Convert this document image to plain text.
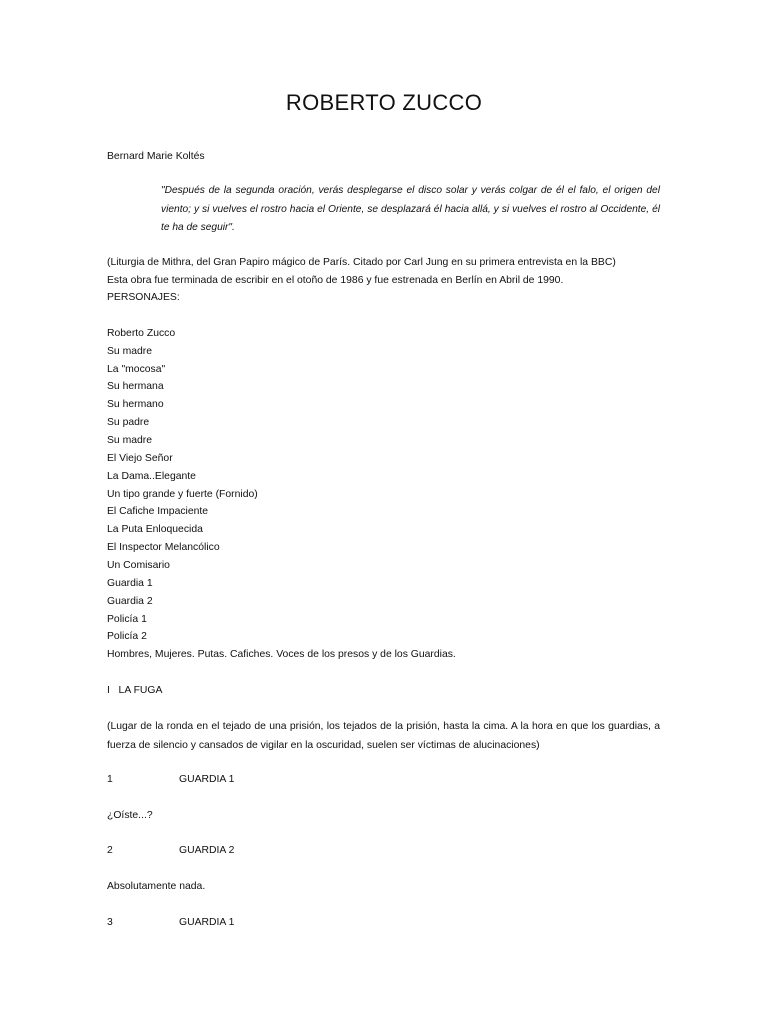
ROBERTO ZUCCO
Bernard Marie Koltés

"Después de la segunda oración, verás desplegarse el disco solar y verás colgar de él el falo, el origen del viento; y si vuelves el rostro hacia el Oriente, se desplazará él hacia allá, y si vuelves el rostro al Occidente, él te ha de seguir".

(Liturgia de Mithra, del Gran Papiro mágico de París. Citado por Carl Jung en su primera entrevista en la BBC)
Esta obra fue terminada de escribir en el otoño de 1986 y fue estrenada en Berlín en Abril de 1990.
PERSONAJES:
Roberto Zucco
Su madre
La "mocosa"
Su hermana
Su hermano
Su padre
Su madre
El Viejo Señor
La Dama..Elegante
Un tipo grande y fuerte (Fornido)
El Cafiche Impaciente
La Puta Enloquecida
El Inspector Melancólico
Un Comisario
Guardia 1
Guardia 2
Policía 1
Policía 2
Hombres, Mujeres. Putas. Cafiches. Voces de los presos y de los Guardias.
I   LA FUGA

(Lugar de la ronda en el tejado de una prisión, los tejados de la prisión, hasta la cima. A la hora en que los guardias, a fuerza de silencio y cansados de vigilar en la oscuridad, suelen ser víctimas de alucinaciones)

1	GUARDIA 1
¿Oíste...?
2	GUARDIA 2
Absolutamente nada.
3	GUARDIA 1
